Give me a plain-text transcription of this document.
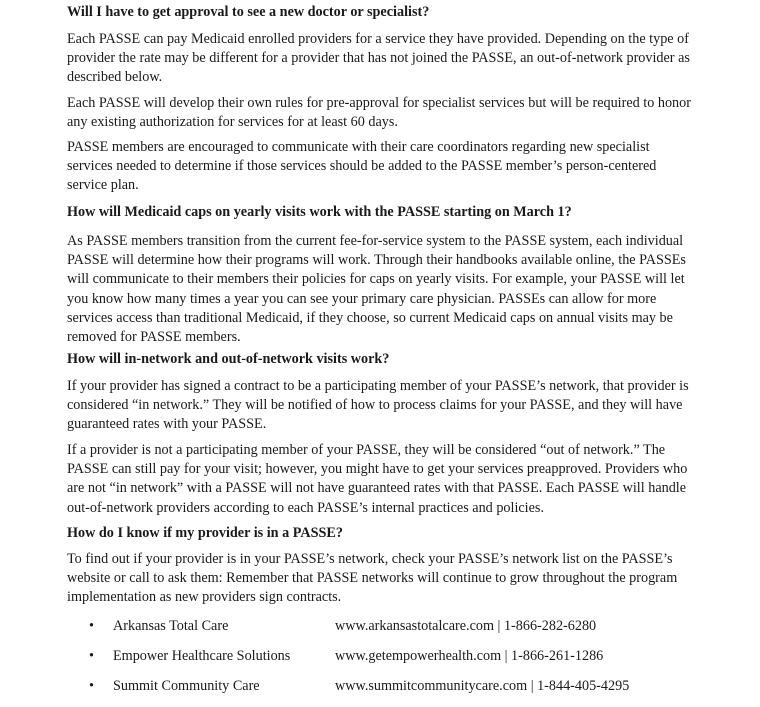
Will I have to get approval to see a new doctor or specialist?

Each PASSE can pay Medicaid enrolled providers for a service they have provided. Depending on the type of provider the rate may be different for a provider that has not joined the PASSE, an out-of-network provider as described below.

Each PASSE will develop their own rules for pre-approval for specialist services but will be required to honor any existing authorization for services for at least 60 days.

PASSE members are encouraged to communicate with their care coordinators regarding new specialist services needed to determine if those services should be added to the PASSE member’s person-centered service plan.

How will Medicaid caps on yearly visits work with the PASSE starting on March 1?

As PASSE members transition from the current fee-for-service system to the PASSE system, each individual PASSE will determine how their programs will work. Through their handbooks available online, the PASSEs will communicate to their members their policies for caps on yearly visits. For example, your PASSE will let you know how many times a year you can see your primary care physician. PASSEs can allow for more services access than traditional Medicaid, if they choose, so current Medicaid caps on annual visits may be removed for PASSE members.

How will in-network and out-of-network visits work?

If your provider has signed a contract to be a participating member of your PASSE’s network, that provider is considered “in network.” They will be notified of how to process claims for your PASSE, and they will have guaranteed rates with your PASSE.

If a provider is not a participating member of your PASSE, they will be considered “out of network.” The PASSE can still pay for your visit; however, you might have to get your services preapproved. Providers who are not “in network” with a PASSE will not have guaranteed rates with that PASSE. Each PASSE will handle out-of-network providers according to each PASSE’s internal practices and policies.

How do I know if my provider is in a PASSE?

To find out if your provider is in your PASSE’s network, check your PASSE’s network list on the PASSE’s website or call to ask them: Remember that PASSE networks will continue to grow throughout the program implementation as new providers sign contracts.

• Arkansas Total Care	www.arkansastotalcare.com | 1-866-282-6280
• Empower Healthcare Solutions	www.getempowerhealth.com | 1-866-261-1286
• Summit Community Care	www.summitcommunitycare.com | 1-844-405-4295
